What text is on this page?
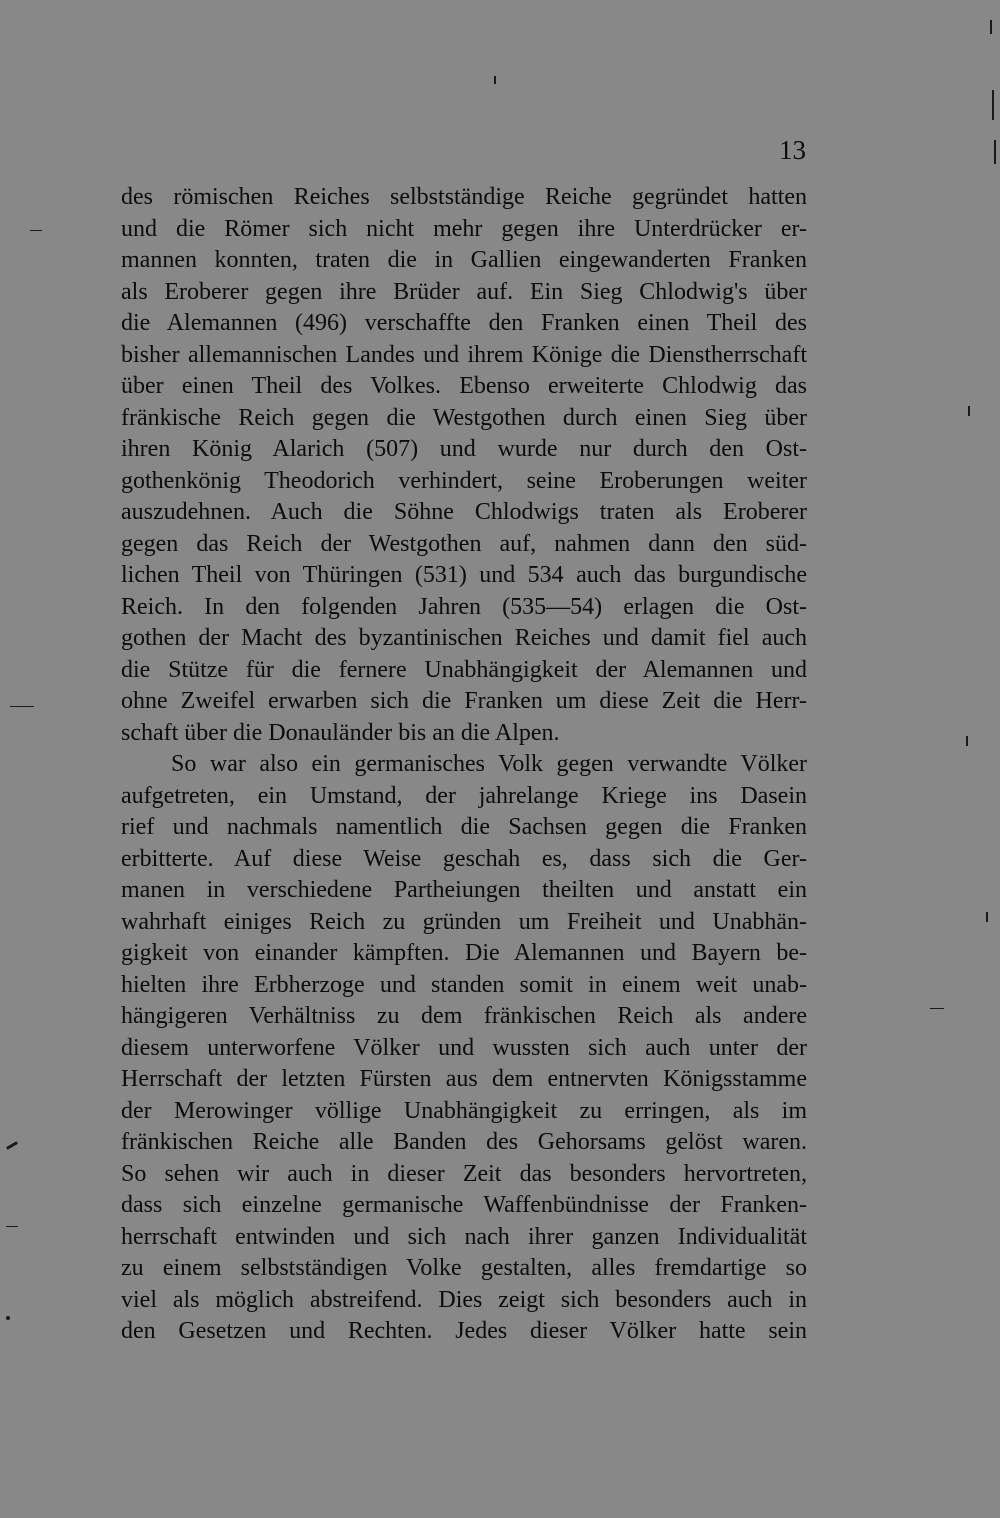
13
des römischen Reiches selbstständige Reiche gegründet hatten
und die Römer sich nicht mehr gegen ihre Unterdrücker er-
mannen konnten, traten die in Gallien eingewanderten Franken
als Eroberer gegen ihre Brüder auf. Ein Sieg Chlodwig's über
die Alemannen (496) verschaffte den Franken einen Theil des
bisher allemannischen Landes und ihrem Könige die Dienstherrschaft
über einen Theil des Volkes. Ebenso erweiterte Chlodwig das
fränkische Reich gegen die Westgothen durch einen Sieg über
ihren König Alarich (507) und wurde nur durch den Ost-
gothenkönig Theodorich verhindert, seine Eroberungen weiter
auszudehnen. Auch die Söhne Chlodwigs traten als Eroberer
gegen das Reich der Westgothen auf, nahmen dann den süd-
lichen Theil von Thüringen (531) und 534 auch das burgundische
Reich. In den folgenden Jahren (535—54) erlagen die Ost-
gothen der Macht des byzantinischen Reiches und damit fiel auch
die Stütze für die fernere Unabhängigkeit der Alemannen und
ohne Zweifel erwarben sich die Franken um diese Zeit die Herr-
schaft über die Donauländer bis an die Alpen.
So war also ein germanisches Volk gegen verwandte Völker
aufgetreten, ein Umstand, der jahrelange Kriege ins Dasein
rief und nachmals namentlich die Sachsen gegen die Franken
erbitterte. Auf diese Weise geschah es, dass sich die Ger-
manen in verschiedene Partheiungen theilten und anstatt ein
wahrhaft einiges Reich zu gründen um Freiheit und Unabhän-
gigkeit von einander kämpften. Die Alemannen und Bayern be-
hielten ihre Erbherzoge und standen somit in einem weit unab-
hängigeren Verhältniss zu dem fränkischen Reich als andere
diesem unterworfene Völker und wussten sich auch unter der
Herrschaft der letzten Fürsten aus dem entnervten Königsstamme
der Merowinger völlige Unabhängigkeit zu erringen, als im
fränkischen Reiche alle Banden des Gehorsams gelöst waren.
So sehen wir auch in dieser Zeit das besonders hervortreten,
dass sich einzelne germanische Waffenbündnisse der Franken-
herrschaft entwinden und sich nach ihrer ganzen Individualität
zu einem selbstständigen Volke gestalten, alles fremdartige so
viel als möglich abstreifend. Dies zeigt sich besonders auch in
den Gesetzen und Rechten. Jedes dieser Völker hatte sein
